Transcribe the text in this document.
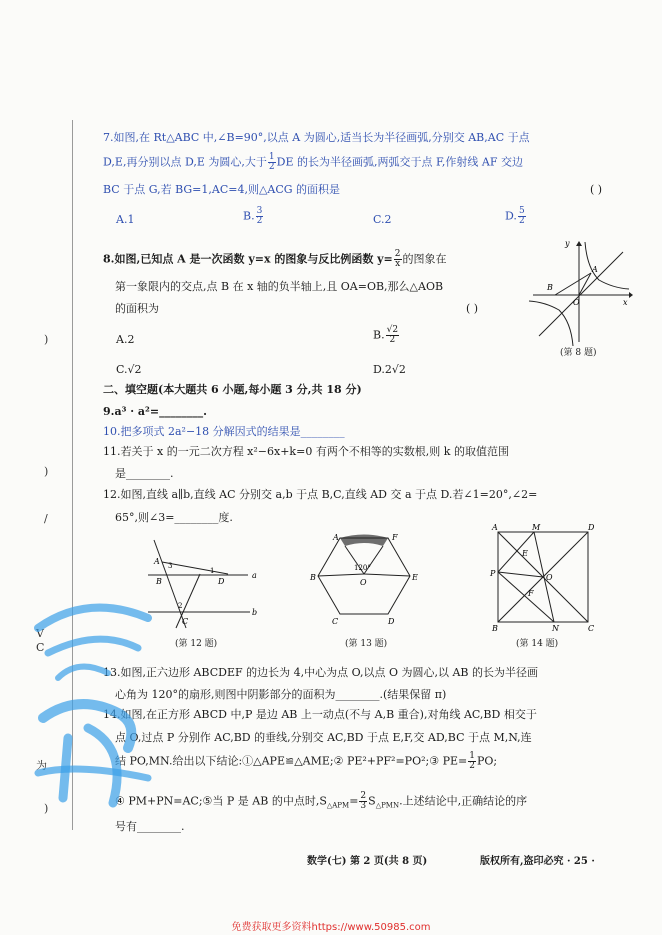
)
)
/
V
C
为
)
7.如图,在 Rt△ABC 中,∠B=90°,以点 A 为圆心,适当长为半径画弧,分别交 AB,AC 于点
D,E,再分别以点 D,E 为圆心,大于 $\frac{1}{2}$ DE 的长为半径画弧,两弧交于点 F,作射线 AF 交边
BC 于点 G,若 BG=1,AC=4,则△ACG 的面积是	( )
A.1	B. $\frac{3}{2}$	C.2	D. $\frac{5}{2}$
8.如图,已知点 A 是一次函数 y=x 的图象与反比例函数 $y= \frac{2}{x}$ 的图象在
第一象限内的交点,点 B 在 x 轴的负半轴上,且 OA=OB,那么△AOB
的面积为	( )
A.2	B. $\frac{√2}{2}$
C.√2	D.2√2
y
x
A
B
O
(第 8 题)
二、填空题(本大题共 6 小题,每小题 3 分,共 18 分)
9.a³ · a²=________.
10.把多项式 2a²−18 分解因式的结果是________
11.若关于 x 的一元二次方程 x²−6x+k=0 有两个不相等的实数根,则 k 的取值范围
是________.
12.如图,直线 a∥b,直线 AC 分别交 a,b 于点 B,C,直线 AD 交 a 于点 D.若∠1=20°,∠2=
65°,则∠3=________度.
A 3
B	D
1	a
b
2
C
(第 12 题)
A	F
B	E
C	D
O
120°
(第 13 题)
A	M	D
E
P	O
F
B	N	C
(第 14 题)
13.如图,正六边形 ABCDEF 的边长为 4,中心为点 O,以点 O 为圆心,以 AB 的长为半径画
心角为 120°的扇形,则图中阴影部分的面积为________.(结果保留 π)
14.如图,在正方形 ABCD 中,P 是边 AB 上一动点(不与 A,B 重合),对角线 AC,BD 相交于
点 O,过点 P 分别作 AC,BD 的垂线,分别交 AC,BD 于点 E,F,交 AD,BC 于点 M,N,连
结 PO,MN.给出以下结论:①△APE≌△AME;② PE²+PF²=PO²;③ $PE= \frac{1}{2}$ PO;
④ PM+PN=AC;⑤当 P 是 AB 的中点时$,S_{\triangle APM}= \frac{2}{3} S_{\triangle PMN}$.上述结论中,正确结论的序
号有________.
数学(七) 第 2 页(共 8 页)	版权所有,盗印必究 · 25 ·
免费获取更多资料https://www.50985.com
